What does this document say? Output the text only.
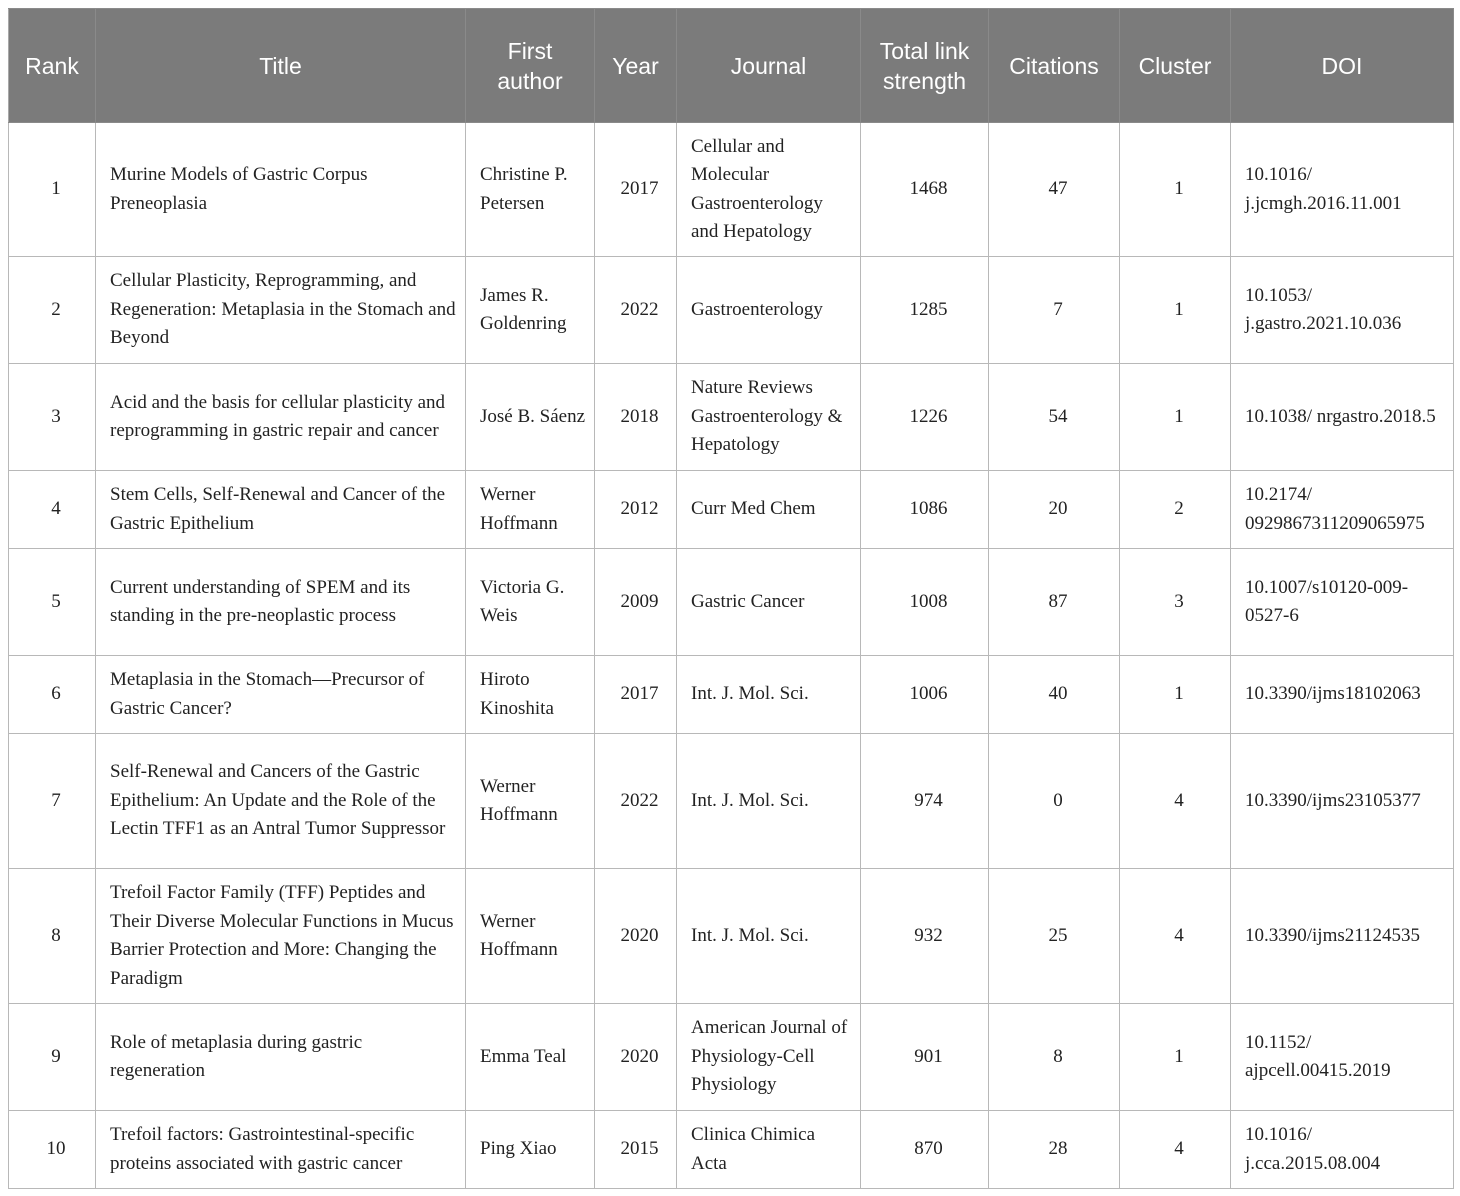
Rank	Title	First author	Year	Journal	Total link strength	Citations	Cluster	DOI
1	Murine Models of Gastric Corpus Preneoplasia	Christine P. Petersen	2017	Cellular and Molecular Gastroenterology and Hepatology	1468	47	1	10.1016/ j.jcmgh.2016.11.001
2	Cellular Plasticity, Reprogramming, and Regeneration: Metaplasia in the Stomach and Beyond	James R. Goldenring	2022	Gastroenterology	1285	7	1	10.1053/ j.gastro.2021.10.036
3	Acid and the basis for cellular plasticity and reprogramming in gastric repair and cancer	José B. Sáenz	2018	Nature Reviews Gastroenterology & Hepatology	1226	54	1	10.1038/ nrgastro.2018.5
4	Stem Cells, Self-Renewal and Cancer of the Gastric Epithelium	Werner Hoffmann	2012	Curr Med Chem	1086	20	2	10.2174/ 092986731120906​5975
5	Current understanding of SPEM and its standing in the pre-neoplastic process	Victoria G. Weis	2009	Gastric Cancer	1008	87	3	10.1007/s10120-009-0527-6
6	Metaplasia in the Stomach—Precursor of Gastric Cancer?	Hiroto Kinoshita	2017	Int. J. Mol. Sci.	1006	40	1	10.3390/ijms18102063
7	Self-Renewal and Cancers of the Gastric Epithelium: An Update and the Role of the Lectin TFF1 as an Antral Tumor Suppressor	Werner Hoffmann	2022	Int. J. Mol. Sci.	974	0	4	10.3390/ijms23105377
8	Trefoil Factor Family (TFF) Peptides and Their Diverse Molecular Functions in Mucus Barrier Protection and More: Changing the Paradigm	Werner Hoffmann	2020	Int. J. Mol. Sci.	932	25	4	10.3390/ijms21124535
9	Role of metaplasia during gastric regeneration	Emma Teal	2020	American Journal of Physiology-Cell Physiology	901	8	1	10.1152/ ajpcell.00415.2019
10	Trefoil factors: Gastrointestinal-specific proteins associated with gastric cancer	Ping Xiao	2015	Clinica Chimica Acta	870	28	4	10.1016/ j.cca.2015.08.004
